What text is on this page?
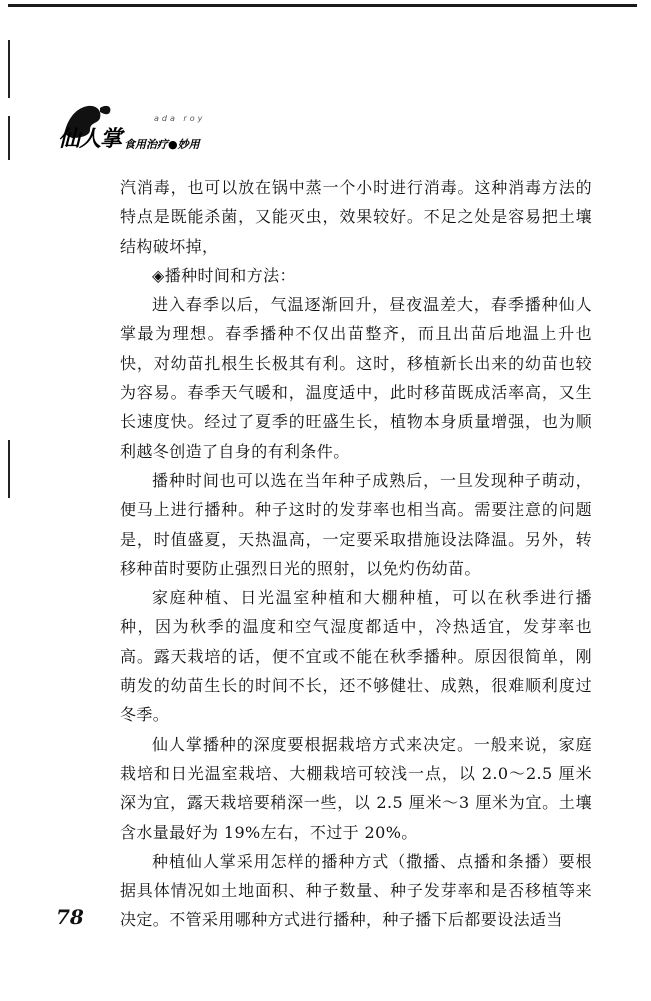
ada roy
仙人掌 食用治疗●妙用

汽消毒，也可以放在锅中蒸一个小时进行消毒。这种消毒方法的特点是既能杀菌，又能灭虫，效果较好。不足之处是容易把土壤结构破坏掉，

◈播种时间和方法：

进入春季以后，气温逐渐回升，昼夜温差大，春季播种仙人掌最为理想。春季播种不仅出苗整齐，而且出苗后地温上升也快，对幼苗扎根生长极其有利。这时，移植新长出来的幼苗也较为容易。春季天气暖和，温度适中，此时移苗既成活率高，又生长速度快。经过了夏季的旺盛生长，植物本身质量增强，也为顺利越冬创造了自身的有利条件。

播种时间也可以选在当年种子成熟后，一旦发现种子萌动，便马上进行播种。种子这时的发芽率也相当高。需要注意的问题是，时值盛夏，天热温高，一定要采取措施设法降温。另外，转移种苗时要防止强烈日光的照射，以免灼伤幼苗。

家庭种植、日光温室种植和大棚种植，可以在秋季进行播种，因为秋季的温度和空气湿度都适中，冷热适宜，发芽率也高。露天栽培的话，便不宜或不能在秋季播种。原因很简单，刚萌发的幼苗生长的时间不长，还不够健壮、成熟，很难顺利度过冬季。

仙人掌播种的深度要根据栽培方式来决定。一般来说，家庭栽培和日光温室栽培、大棚栽培可较浅一点，以 2.0～2.5 厘米深为宜，露天栽培要稍深一些，以 2.5 厘米～3 厘米为宜。土壤含水量最好为 19%左右，不过于 20%。

种植仙人掌采用怎样的播种方式（撒播、点播和条播）要根据具体情况如土地面积、种子数量、种子发芽率和是否移植等来决定。不管采用哪种方式进行播种，种子播下后都要设法适当

78
